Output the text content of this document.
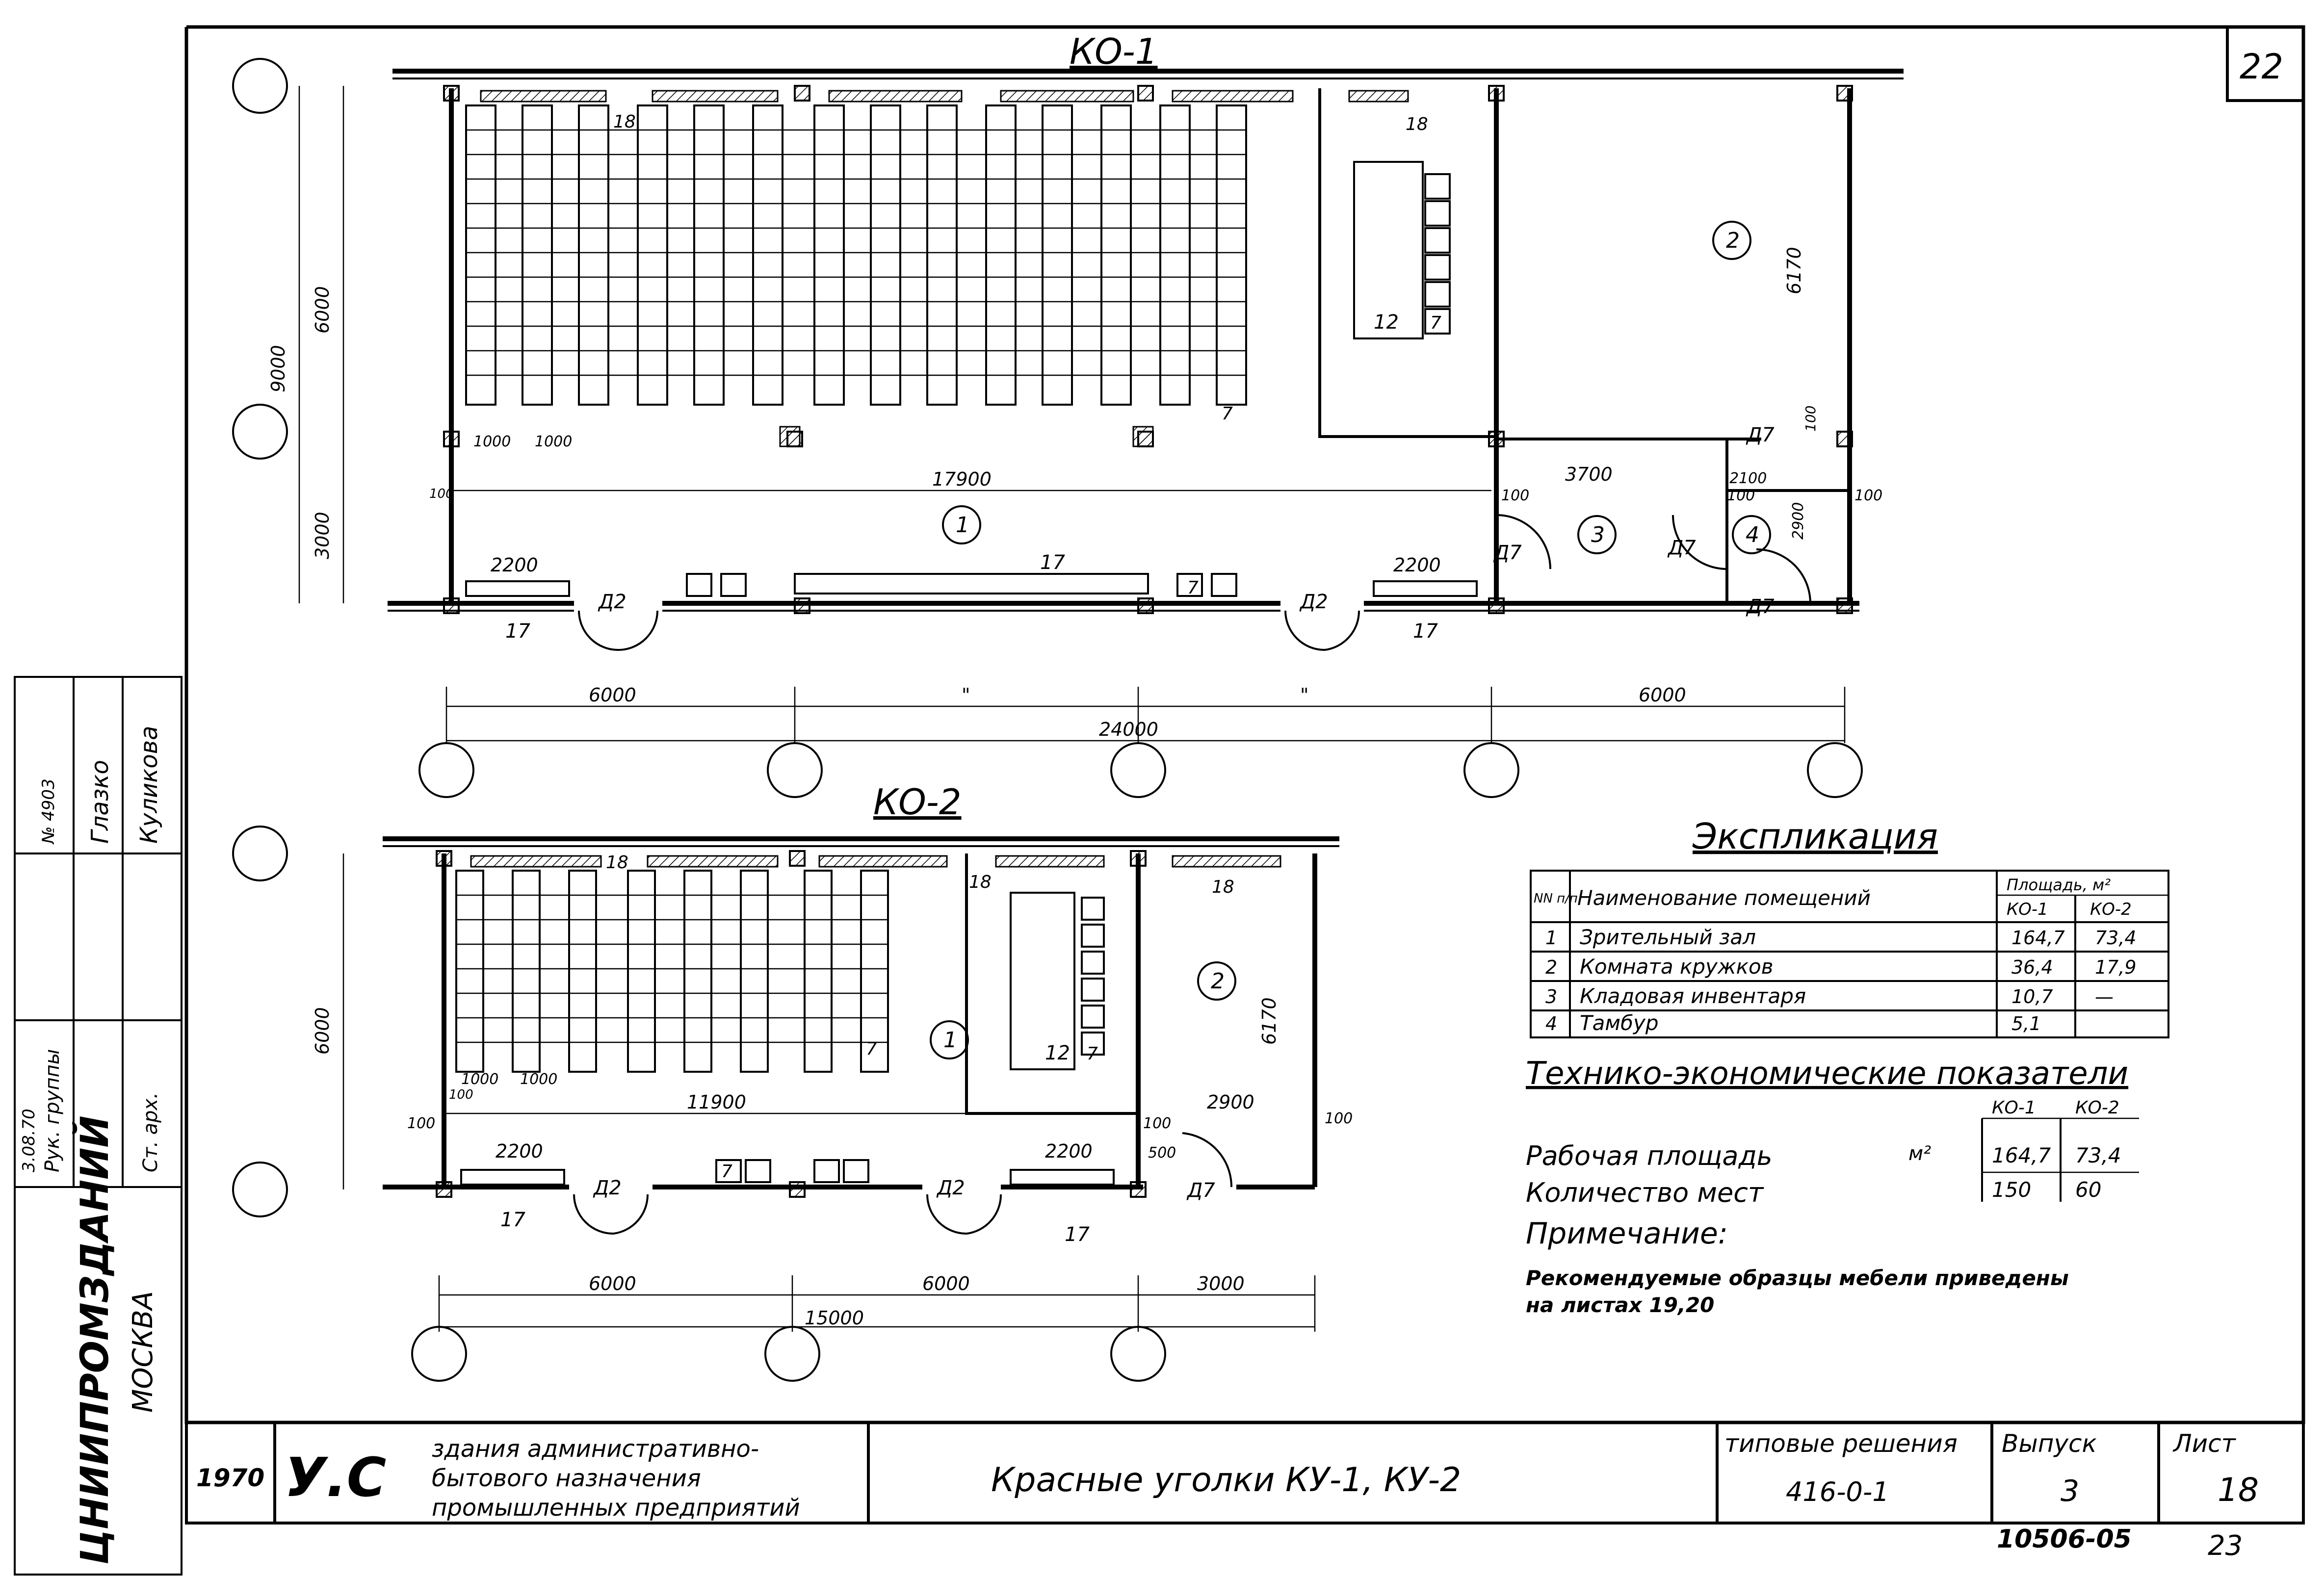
22
КО-1
6000	"	"	6000
24000
17900
9000
6000
3000
1000 1000
100	100	100	100
100
3700	2100
2900
6170
2200	2200
18	18
17
17
17
7
7
12 7
Д2	Д2
Д7
Д7	Д7
Д7
1
2
3	4
КО-2
6000	6000	3000
15000
6000
11900
1000 1000
100
100	100	100
2900
6170
2200	2200	500
18
18	18
17
17
7
7
12 7
Д2	Д2	Д7
1
2
Экспликация
NN п/п Наименование помещений
Площадь, м²
КО-1	КО-2
1 Зрительный зал	164,7 73,4
2 Комната кружков	36,4 17,9
3 Кладовая инвентаря	10,7 —
4 Тамбур	5,1
Технико-экономические показатели
КО-1 КО-2
Рабочая площадь	м²	164,7 73,4
Количество мест	150 60
Примечание:
Рекомендуемые образцы мебели приведены
на листах 19,20
ЦНИИПРОМЗДАНИЙ МОСКВА
Рук. группы	Ст. арх.
Глазко Куликова
3.08.70
№ 4903
1970 У.С здания административно-
бытового назначения
промышленных предприятий
Красные уголки КУ-1, КУ-2
типовые решения
416-0-1
Выпуск
3
Лист
18
10506-05	23
